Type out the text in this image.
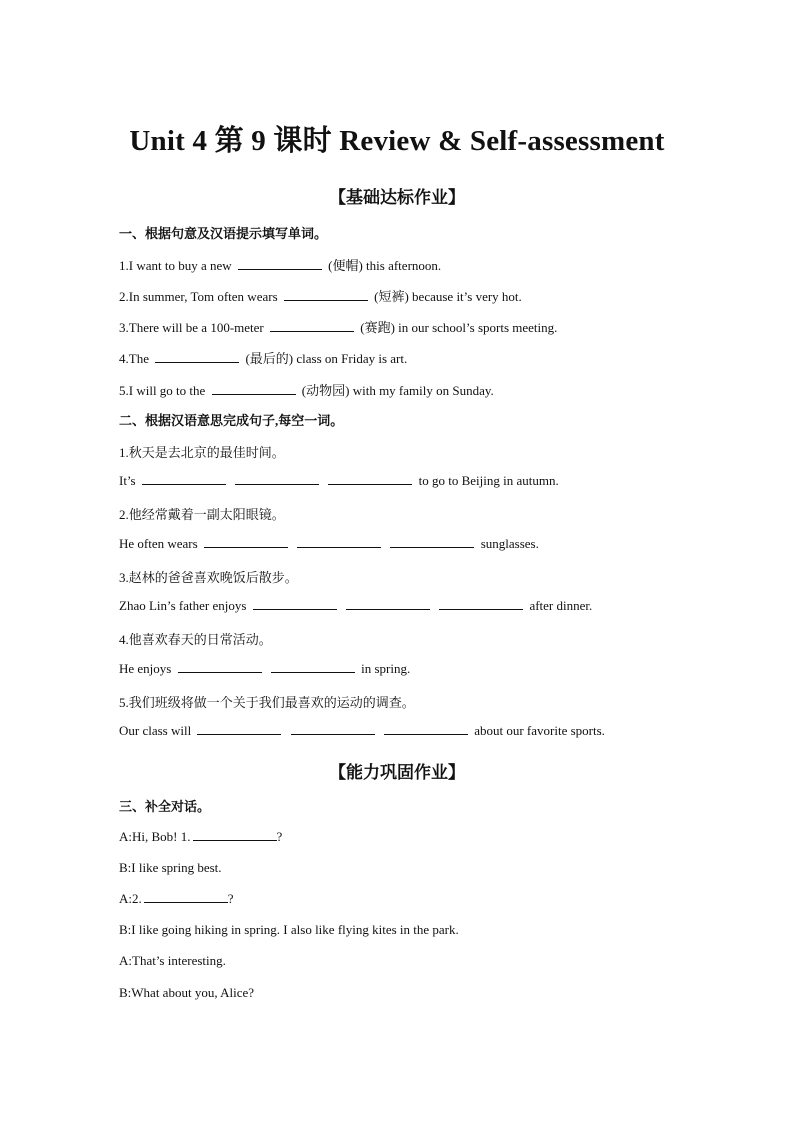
Unit 4 第 9 课时 Review & Self-assessment
【基础达标作业】
一、根据句意及汉语提示填写单词。
1.I want to buy a new	(便帽) this afternoon.
2.In summer, Tom often wears	(短裤) because it’s very hot.
3.There will be a 100-meter	(赛跑) in our school’s sports meeting.
4.The	(最后的) class on Friday is art.
5.I will go to the	(动物园) with my family on Sunday.
二、根据汉语意思完成句子,每空一词。
1.秋天是去北京的最佳时间。
It’s	to go to Beijing in autumn.
2.他经常戴着一副太阳眼镜。
He often wears	sunglasses.
3.赵林的爸爸喜欢晚饭后散步。
Zhao Lin’s father enjoys	after dinner.
4.他喜欢春天的日常活动。
He enjoys	in spring.
5.我们班级将做一个关于我们最喜欢的运动的调查。
Our class will	about our favorite sports.
【能力巩固作业】
三、补全对话。
A:Hi, Bob! 1.	?
B:I like spring best.
A:2.	?
B:I like going hiking in spring. I also like flying kites in the park.
A:That’s interesting.
B:What about you, Alice?
